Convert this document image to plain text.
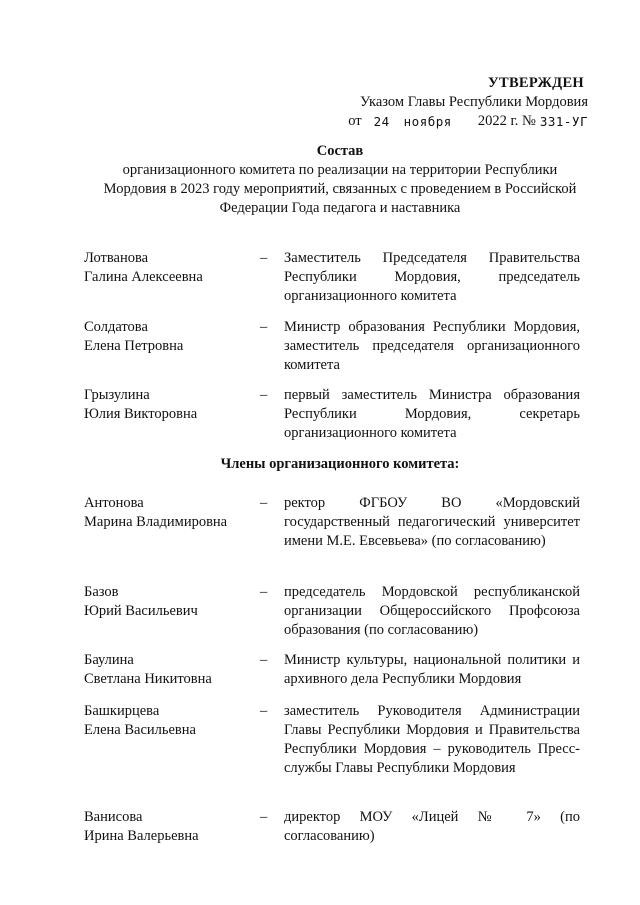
УТВЕРЖДЕН
Указом Главы Республики Мордовия
от 24 ноября 2022 г. № 331-УГ
Состав
организационного комитета по реализации на территории Республики
Мордовия в 2023 году мероприятий, связанных с проведением в Российской
Федерации Года педагога и наставника
Лотванова
Галина Алексеевна
– Заместитель Председателя Правительства Республики Мордовия, председатель организационного комитета
Солдатова
Елена Петровна
– Министр образования Республики Мордовия, заместитель председателя организационного комитета
Грызулина
Юлия Викторовна
– первый заместитель Министра образования Республики Мордовия, секретарь организационного комитета
Члены организационного комитета:
Антонова
Марина Владимировна
– ректор ФГБОУ ВО «Мордовский государственный педагогический университет имени М.Е. Евсевьева» (по согласованию)
Базов
Юрий Васильевич
– председатель Мордовской республиканской организации Общероссийского Профсоюза образования (по согласованию)
Баулина
Светлана Никитовна
– Министр культуры, национальной политики и архивного дела Республики Мордовия
Башкирцева
Елена Васильевна
– заместитель Руководителя Администрации Главы Республики Мордовия и Правительства Республики Мордовия – руководитель Пресс-службы Главы Республики Мордовия
Ванисова
Ирина Валерьевна
– директор МОУ «Лицей № 7» (по согласованию)
